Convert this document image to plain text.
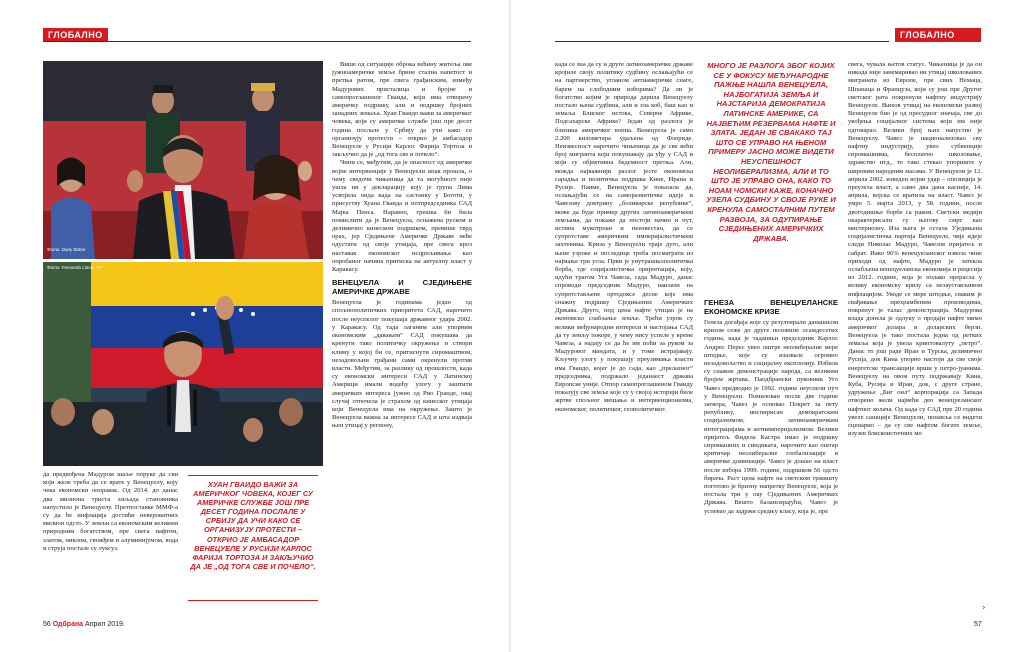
ГЛОБАЛНО
Фото: Dany Bahar
Фото: Fernando Llano, AP

да предвођена Мадуром шаље поруке да сви који желе треба да се врате у Венецуелу, коју чека економски опоравак. Од 2014. до данас два милиона триста хиљада становника напустило је Венецуелу. Претпоставке ММФ-а су да ће инфлација достићи невероватних милион одсто. У земљи са економским великим природним богатством, пре свега нафтом, златом, никлом, гвожђем и алуминијумом, вода и струја постале су луксуз.

ХУАН ГВАИДО ВАЖИ ЗА АМЕРИЧКОГ ЧОВЕКА, КОЈЕГ СУ АМЕРИЧКЕ СЛУЖБЕ ЈОШ ПРЕ ДЕСЕТ ГОДИНА ПОСЛАЛЕ У СРБИЈУ ДА УЧИ КАКО СЕ ОРГАНИЗУЈУ ПРОТЕСТИ – ОТКРИО ЈЕ АМБАСАДОР ВЕНЕЦУЕЛЕ У РУСИЈИ КАРЛОС ФАРИЈА ТОРТОЗА И ЗАКЉУЧИО ДА ЈЕ „ОД ТОГА СВЕ И ПОЧЕЛО“.

Више од ситуације оброка већину житеља ове јужноамеричке земље брине стална напетост и претња ратом, пре свега грађанским, између Мадурових присталица и бројне и самопроглашеног Гваида, који има отворену америчку подршку, али и подршку бројних западних земаља. Хуан Гваидо важи за америчког човека, који су америчке службе још пре десет година послале у Србију да учи како се организују протести – открио је амбасадор Венецуеле у Русији Карлос Фарија Тортоза и закључио да је „од тога све и почело“.

Чини се, међутим, да је опасност од америчке војне интервенције у Венецуели ипак прошла, о чему сведочи чињеница да та могућност није ушла ни у декларацију коју је група Лима усвојила онда када на састанку у Боготи, у присуству Хуана Гваида и потпредседника САД Мајка Пенса. Наравно, грешка би била помислити да је Венецуела, оснажена руском и делимично кинеском подршком, превише тврд орах, јер Сједињене Америчке Државе неће одустати од своје утицаја, пре свега кроз наставак економског исцрпљивања као опробаног начина притиска на актуелну власт у Каракасу.

ВЕНЕЦУЕЛА И СЈЕДИЊЕНЕ АМЕРИЧКЕ ДРЖАВЕ

Венецуела је годинама један од спољнополитичких приоритета САД, нарочито после неуспелог покушаја државног удара 2002. у Каракасу. Од тада лаганим али упорним економским „давањем“ САД покушава да кренути тако политичку окружење и створи климу у којој би се, притиснути сиромаштвом, незадовољни грађани сами окренули против власти. Међутим, за разлику од прошлости, када су економски интереси САД у Латинској Америци имали водећу улогу у заштити америчких интереса јужно од Рио Гранде, овај случај отпочела је страхом од кинеског утицаја који Венецуела има на окружење. Зашто је Венецуела важна за интересе САД и шта издваја њен утицај у региону,

56 Одбрана Април 2019.
ГЛОБАЛНО ЖАРИШТА

када се зна да су и друге латиноамеричке државе кројиле своју политику судбину ослањајући се на партнерство, угланом антиамеричке снаге, барем на слободним изборима? Да ли је богатство којим је природа дарила Венецуелу постало њена судбина, али и зла коб, баш као и земаља Блиског истока, Северне Африке, Подсахарске Африке? Један од разлога је близина америчког копна. Венецуела је само 2.200 километара удаљена од Флориде. Неизвесност нарочито чињеница да је све већи број мигранта који покушавају да уђу у САД и који су објективна бедемност претња. Али, можда најважнији разлог јесте економска сарадња и политичка подршка Кине, Ирана и Русије. Наиме, Венецуела је показала да, ослањајући се на саморазвитичке идеје и Чавезову доктрину „боливарске републике“, може да буде пример других латиноамеричким земљама, да покаже да постоји начин и пут, истина мукотрпан и неизвестан, да се супротставе америчким империјалистичким захтевима. Криза у Венецуели траје дуго, али њене узроке и последице треба посматрати из најмање три угла. Први је унутрашњополитичка борба, где социјалистичка оријентација, коју, идући трагом Уга Чавеза, сада Мадуро, данас спроводи председник Мадуро, наилази на супротстављене ортодоксе десне које има снажну подршку Сједињених Америчких Држава. Друго, под цена нафте утицао је на економско слабљење земље. Трећи узрок су велики међународни интереси и настојања САД да ту земљу покоре, у чему нису успеле у време Чавеза, а надају се да ће им поћи за руком за Мадуровог мандата, и у томе истрајавају. Кључну улогу у покушају преузимања власти има Гваидо, којег је до сада, као „прелазног“ председника, подржало једанаест држава Европске уније. Отпор самопроглашеном Гваиду показују све земље које су у својој историји биле жртве спољног мешања и интервенционизма, економског, политичког, геополитичког.

МНОГО ЈЕ РАЗЛОГА ЗБОГ КОЈИХ СЕ У ФОКУСУ МЕЂУНАРОДНЕ ПАЖЊЕ НАШЛА ВЕНЕЦУЕЛА, НАЈБОГАТИЈА ЗЕМЉА И НАЈСТАРИЈА ДЕМОКРАТИЈА ЛАТИНСКЕ АМЕРИКЕ, СА НАЈВЕЋИМ РЕЗЕРВАМА НАФТЕ И ЗЛАТА. ЈЕДАН ЈЕ СВАКАКО ТАЈ ШТО СЕ УПРАВО НА ЊЕНОМ ПРИМЕРУ ЈАСНО МОЖЕ ВИДЕТИ НЕУСПЕШНОСТ НЕОЛИБЕРАЛИЗМА, АЛИ И ТО ШТО ЈЕ УПРАВО ОНА, КАКО ТО НОАМ ЧОМСКИ КАЖЕ, КОНАЧНО УЗЕЛА СУДБИНУ У СВОЈЕ РУКЕ И КРЕНУЛА САМОСТАЛНИМ ПУТЕМ РАЗВОЈА, ЗА ОДУПИРАЊЕ СЈЕДИЊЕНИХ АМЕРИЧКИХ ДРЖАВА.
ГЕНЕЗА ВЕНЕЦУЕЛАНСКЕ ЕКОНОМСКЕ КРИЗЕ

Генеза догађаја које су резултирали данашњом кризом сеже до друге половине осамдесетих година, када је тадашњи председник Карлос Андрес Перес увео оштре неолибералне мере штедње, које су изазвале огромно незадовољство и социјалну експлозију. Избила су снажне демонстрације народа, са великим бројем жртава. Паодбрански пуковник Уго Чавез предводио је 1992. године неуспели пуч у Венецуели. Помилован после две године затвора, Чавез је основао Покрет за пету републику, инспирисан демократским социјализмом, латиноамеричким интеграцијама и антиимперијализмом. Велики пријатељ Фидела Кастра имао је подршку сиромашних и синдиката, нарочито као оштар критичар неолибералне глобализације и америчке доминације. Чавез је дошао на власт после избора 1999. године, подршком 56 одсто бирача. Раст цена нафте на светском тржишту поготово је бризну напретку Венецуеле, која је постала три у оку Сједињених Америчких Држава. Вешто балансирајући, Чавез је успевао да задржи средњу класу, која је, пре

свега, чувала њетов статус. Чињеница је да он никада није занемаривао ни утицај школованих миграната из Европе, пре свих Немаца, Шпанаца и Француза, који су још пре Другог светског рата покренули нафтну индустрију Венецуеле. Њихов утицај на економски развој Венецуеле био је од пресудног значаја, све до увођења социјалног система који им није одговарао. Велики број њих напустио је Венецуелу. Чавез је национализовао сву нафтну индустрију, увео субвенције сиромашнима, бесплатно школовање, здравство итд., те тако стекао упориште у широким народним масама. У Венецуели је 12. априла 2002. изведен војни удар – опозиција је преузела власт, а само два дана касније, 14. априла, војска се вратила на власт. Чавез је умро 5. марта 2013, у 58. години, после двогодишње борбе са раком. Светски медији окарактерисали су његову смрт као мистериозну. Иза њега је остала Уједињена социјалистичка партија Венецуеле, чије идеје следи Николас Мадуро, Чавезов пријатељ и сабрат. Иако 96% венецуеланског извоза чине приходи од нафте, Мадуро је затекла ослабљена венецуеланска економија и рецесија из 2012. године, која је полако прерасла у велику економску кризу са незаустављивом инфлацијом. Уводе се мере штедње, сваким је свађивање прехрамбеним производима, покренут је талас демонстрација. Мадурова влада донела је одлуку о продаји нафте мимо америчког долара и доларских берзи. Венецуела је тако постала једна од ретких земаља која је увела криптовалуту „петро“. Данас то још раде Иран и Турска, делимично Русија, док Кина упорно настоји да све своје енергетске трансакције врши у петро-јуанима. Венецуелу на овом путу подржавају Кина, Куба, Русија и Иран, док, с друге стране, удружење „Биг оил“ корпорација са Запада отворено жели највећи део венецуеланског нафтног колача. Од када су САД пре 20 година увеле санкције Венецуели, понавља се видети сценарио – да су све нафтом богате земље, изузев блискоисточних мо

›
57
